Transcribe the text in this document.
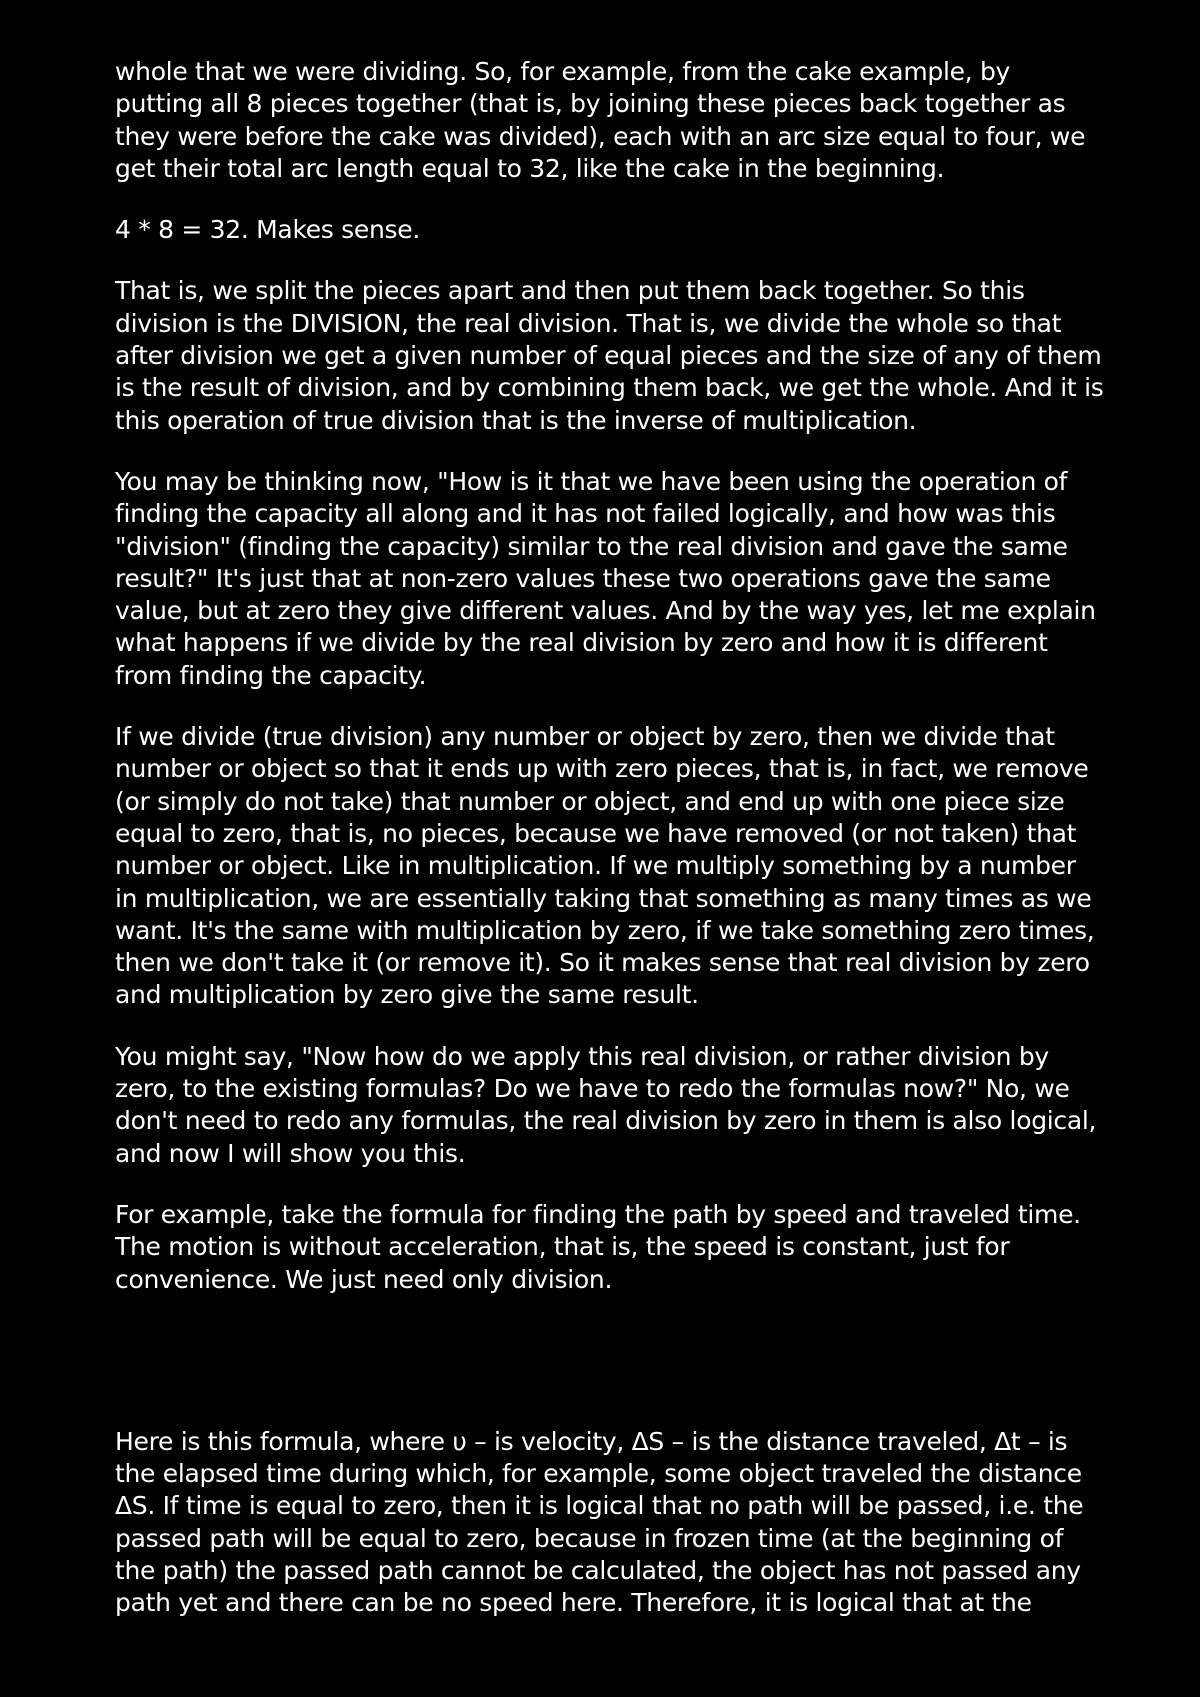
whole that we were dividing. So, for example, from the cake example, by
putting all 8 pieces together (that is, by joining these pieces back together as
they were before the cake was divided), each with an arc size equal to four, we
get their total arc length equal to 32, like the cake in the beginning.
4 * 8 = 32. Makes sense.
That is, we split the pieces apart and then put them back together. So this
division is the DIVISION, the real division. That is, we divide the whole so that
after division we get a given number of equal pieces and the size of any of them
is the result of division, and by combining them back, we get the whole. And it is
this operation of true division that is the inverse of multiplication.
You may be thinking now, "How is it that we have been using the operation of
finding the capacity all along and it has not failed logically, and how was this
"division" (finding the capacity) similar to the real division and gave the same
result?" It's just that at non-zero values these two operations gave the same
value, but at zero they give different values. And by the way yes, let me explain
what happens if we divide by the real division by zero and how it is different
from finding the capacity.
If we divide (true division) any number or object by zero, then we divide that
number or object so that it ends up with zero pieces, that is, in fact, we remove
(or simply do not take) that number or object, and end up with one piece size
equal to zero, that is, no pieces, because we have removed (or not taken) that
number or object. Like in multiplication. If we multiply something by a number
in multiplication, we are essentially taking that something as many times as we
want. It's the same with multiplication by zero, if we take something zero times,
then we don't take it (or remove it). So it makes sense that real division by zero
and multiplication by zero give the same result.
You might say, "Now how do we apply this real division, or rather division by
zero, to the existing formulas? Do we have to redo the formulas now?" No, we
don't need to redo any formulas, the real division by zero in them is also logical,
and now I will show you this.
For example, take the formula for finding the path by speed and traveled time.
The motion is without acceleration, that is, the speed is constant, just for
convenience. We just need only division.
Here is this formula, where υ – is velocity, ΔS – is the distance traveled, Δt – is
the elapsed time during which, for example, some object traveled the distance
ΔS. If time is equal to zero, then it is logical that no path will be passed, i.e. the
passed path will be equal to zero, because in frozen time (at the beginning of
the path) the passed path cannot be calculated, the object has not passed any
path yet and there can be no speed here. Therefore, it is logical that at the
